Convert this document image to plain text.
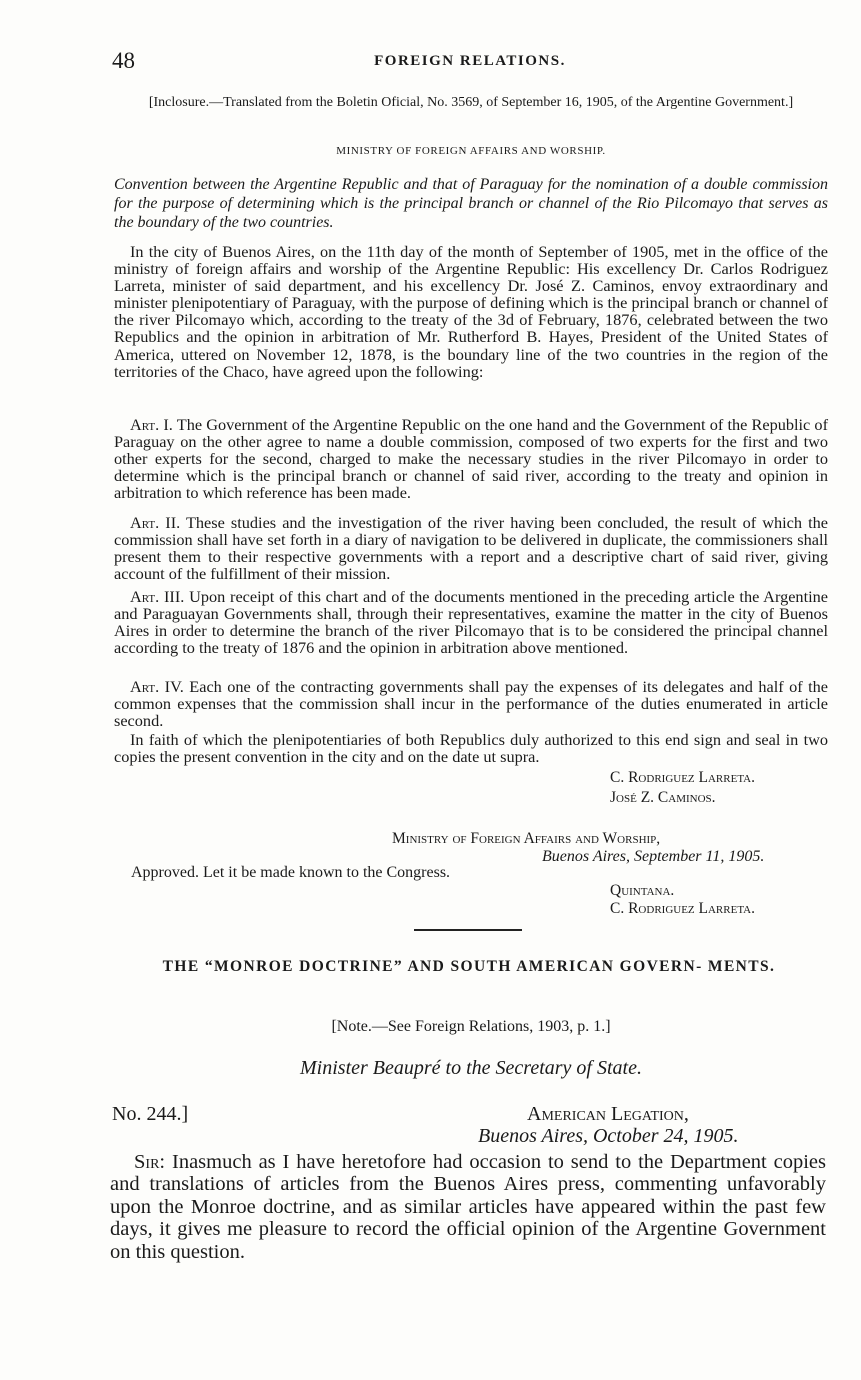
48	FOREIGN RELATIONS.

[Inclosure.—Translated from the Boletin Oficial, No. 3569, of September 16, 1905, of the Argentine Government.]

MINISTRY OF FOREIGN AFFAIRS AND WORSHIP.

Convention between the Argentine Republic and that of Paraguay for the nomination of a double commission for the purpose of determining which is the principal branch or channel of the Rio Pilcomayo that serves as the boundary of the two countries.

In the city of Buenos Aires, on the 11th day of the month of September of 1905, met in the office of the ministry of foreign affairs and worship of the Argentine Republic: His excellency Dr. Carlos Rodriguez Larreta, minister of said department, and his excellency Dr. José Z. Caminos, envoy extraordinary and minister plenipotentiary of Paraguay, with the purpose of defining which is the principal branch or channel of the river Pilcomayo which, according to the treaty of the 3d of February, 1876, celebrated between the two Republics and the opinion in arbitration of Mr. Rutherford B. Hayes, President of the United States of America, uttered on November 12, 1878, is the boundary line of the two countries in the region of the territories of the Chaco, have agreed upon the following:

Art. I. The Government of the Argentine Republic on the one hand and the Government of the Republic of Paraguay on the other agree to name a double commission, composed of two experts for the first and two other experts for the second, charged to make the necessary studies in the river Pilcomayo in order to determine which is the principal branch or channel of said river, according to the treaty and opinion in arbitration to which reference has been made.

Art. II. These studies and the investigation of the river having been concluded, the result of which the commission shall have set forth in a diary of navigation to be delivered in duplicate, the commissioners shall present them to their respective governments with a report and a descriptive chart of said river, giving account of the fulfillment of their mission.

Art. III. Upon receipt of this chart and of the documents mentioned in the preceding article the Argentine and Paraguayan Governments shall, through their representatives, examine the matter in the city of Buenos Aires in order to determine the branch of the river Pilcomayo that is to be considered the principal channel according to the treaty of 1876 and the opinion in arbitration above mentioned.

Art. IV. Each one of the contracting governments shall pay the expenses of its delegates and half of the common expenses that the commission shall incur in the performance of the duties enumerated in article second.

In faith of which the plenipotentiaries of both Republics duly authorized to this end sign and seal in two copies the present convention in the city and on the date ut supra.

C. Rodriguez Larreta.
José Z. Caminos.
Ministry of Foreign Affairs and Worship,
Buenos Aires, September 11, 1905.
Approved. Let it be made known to the Congress.
Quintana.
C. Rodriguez Larreta.
THE “MONROE DOCTRINE” AND SOUTH AMERICAN GOVERN- MENTS.

[Note.—See Foreign Relations, 1903, p. 1.]

Minister Beaupré to the Secretary of State.

No. 244.]	American Legation,
Buenos Aires, October 24, 1905.

Sir: Inasmuch as I have heretofore had occasion to send to the Department copies and translations of articles from the Buenos Aires press, commenting unfavorably upon the Monroe doctrine, and as similar articles have appeared within the past few days, it gives me pleasure to record the official opinion of the Argentine Government on this question.
